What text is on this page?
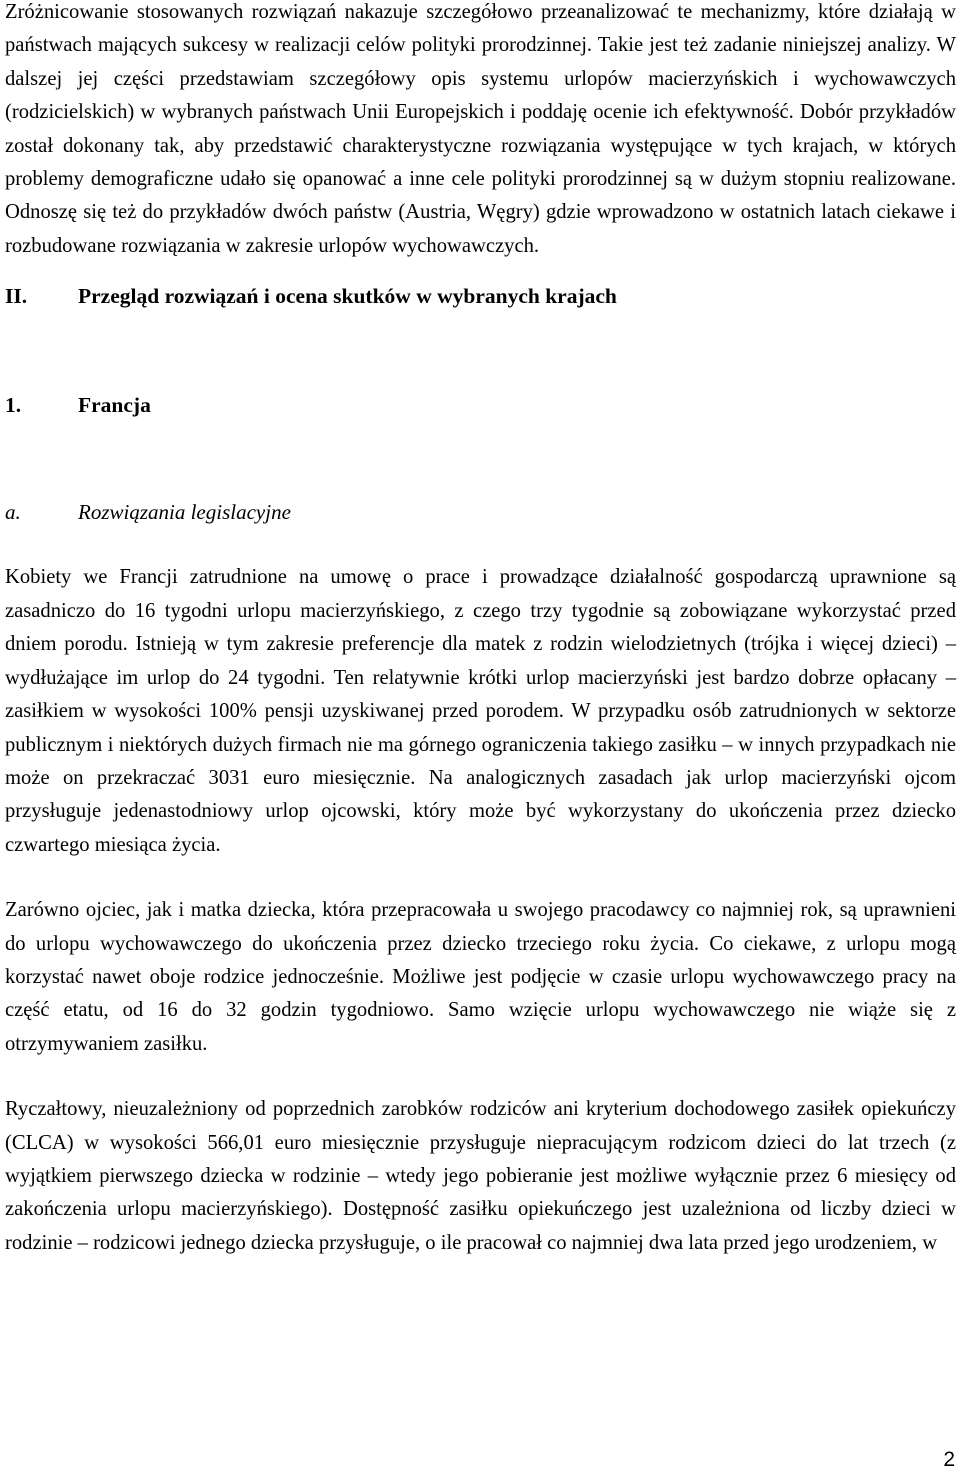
Zróżnicowanie stosowanych rozwiązań nakazuje szczegółowo przeanalizować te mechanizmy, które działają w państwach mających sukcesy w realizacji celów polityki prorodzinnej. Takie jest też zadanie niniejszej analizy. W dalszej jej części przedstawiam szczegółowy opis systemu urlopów macierzyńskich i wychowawczych (rodzicielskich) w wybranych państwach Unii Europejskich i poddaję ocenie ich efektywność. Dobór przykładów został dokonany tak, aby przedstawić charakterystyczne rozwiązania występujące w tych krajach, w których problemy demograficzne udało się opanować a inne cele polityki prorodzinnej są w dużym stopniu realizowane. Odnoszę się też do przykładów dwóch państw (Austria, Węgry) gdzie wprowadzono w ostatnich latach ciekawe i rozbudowane rozwiązania w zakresie urlopów wychowawczych.

II.	Przegląd rozwiązań i ocena skutków w wybranych krajach
1.	Francja
a.	Rozwiązania legislacyjne

Kobiety we Francji zatrudnione na umowę o prace i prowadzące działalność gospodarczą uprawnione są zasadniczo do 16 tygodni urlopu macierzyńskiego, z czego trzy tygodnie są zobowiązane wykorzystać przed dniem porodu. Istnieją w tym zakresie preferencje dla matek z rodzin wielodzietnych (trójka i więcej dzieci) – wydłużające im urlop do 24 tygodni. Ten relatywnie krótki urlop macierzyński jest bardzo dobrze opłacany – zasiłkiem w wysokości 100% pensji uzyskiwanej przed porodem. W przypadku osób zatrudnionych w sektorze publicznym i niektórych dużych firmach nie ma górnego ograniczenia takiego zasiłku – w innych przypadkach nie może on przekraczać 3031 euro miesięcznie. Na analogicznych zasadach jak urlop macierzyński ojcom przysługuje jedenastodniowy urlop ojcowski, który może być wykorzystany do ukończenia przez dziecko czwartego miesiąca życia.

Zarówno ojciec, jak i matka dziecka, która przepracowała u swojego pracodawcy co najmniej rok, są uprawnieni do urlopu wychowawczego do ukończenia przez dziecko trzeciego roku życia. Co ciekawe, z urlopu mogą korzystać nawet oboje rodzice jednocześnie. Możliwe jest podjęcie w czasie urlopu wychowawczego pracy na część etatu, od 16 do 32 godzin tygodniowo. Samo wzięcie urlopu wychowawczego nie wiąże się z otrzymywaniem zasiłku.

Ryczałtowy, nieuzależniony od poprzednich zarobków rodziców ani kryterium dochodowego zasiłek opiekuńczy (CLCA) w wysokości 566,01 euro miesięcznie przysługuje niepracującym rodzicom dzieci do lat trzech (z wyjątkiem pierwszego dziecka w rodzinie – wtedy jego pobieranie jest możliwe wyłącznie przez 6 miesięcy od zakończenia urlopu macierzyńskiego). Dostępność zasiłku opiekuńczego jest uzależniona od liczby dzieci w rodzinie – rodzicowi jednego dziecka przysługuje, o ile pracował co najmniej dwa lata przed jego urodzeniem, w

2
